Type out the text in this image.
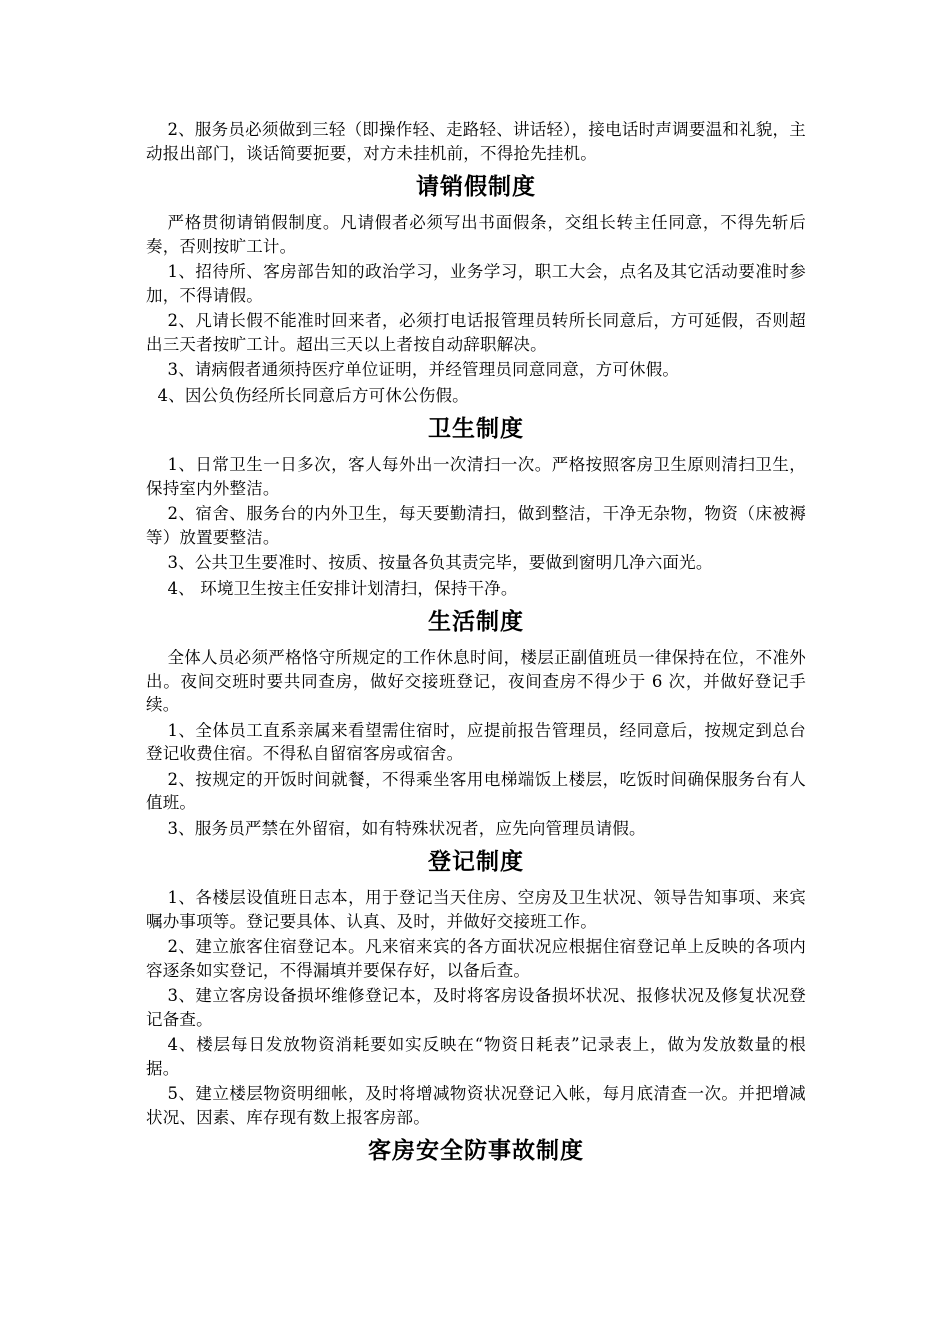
2、服务员必须做到三轻（即操作轻、走路轻、讲话轻），接电话时声调要温和礼貌，主动报出部门，谈话简要扼要，对方未挂机前，不得抢先挂机。

请销假制度

严格贯彻请销假制度。凡请假者必须写出书面假条，交组长转主任同意，不得先斩后奏，否则按旷工计。

1、招待所、客房部告知的政治学习，业务学习，职工大会，点名及其它活动要准时参加，不得请假。

2、凡请长假不能准时回来者，必须打电话报管理员转所长同意后，方可延假，否则超出三天者按旷工计。超出三天以上者按自动辞职解决。

3、请病假者通须持医疗单位证明，并经管理员同意同意，方可休假。

4、因公负伤经所长同意后方可休公伤假。

卫生制度

1、日常卫生一日多次，客人每外出一次清扫一次。严格按照客房卫生原则清扫卫生，保持室内外整洁。

2、宿舍、服务台的内外卫生，每天要勤清扫，做到整洁，干净无杂物，物资（床被褥等）放置要整洁。

3、公共卫生要准时、按质、按量各负其责完毕，要做到窗明几净六面光。

4、 环境卫生按主任安排计划清扫，保持干净。

生活制度

全体人员必须严格恪守所规定的工作休息时间，楼层正副值班员一律保持在位，不准外出。夜间交班时要共同查房，做好交接班登记，夜间查房不得少于 6 次，并做好登记手续。

1、全体员工直系亲属来看望需住宿时，应提前报告管理员，经同意后，按规定到总台登记收费住宿。不得私自留宿客房或宿舍。

2、按规定的开饭时间就餐，不得乘坐客用电梯端饭上楼层，吃饭时间确保服务台有人值班。

3、服务员严禁在外留宿，如有特殊状况者，应先向管理员请假。

登记制度

1、各楼层设值班日志本，用于登记当天住房、空房及卫生状况、领导告知事项、来宾嘱办事项等。登记要具体、认真、及时，并做好交接班工作。

2、建立旅客住宿登记本。凡来宿来宾的各方面状况应根据住宿登记单上反映的各项内容逐条如实登记，不得漏填并要保存好，以备后查。

3、建立客房设备损坏维修登记本，及时将客房设备损坏状况、报修状况及修复状况登记备查。

4、楼层每日发放物资消耗要如实反映在“物资日耗表”记录表上，做为发放数量的根据。

5、建立楼层物资明细帐，及时将增减物资状况登记入帐，每月底清查一次。并把增减状况、因素、库存现有数上报客房部。

客房安全防事故制度
